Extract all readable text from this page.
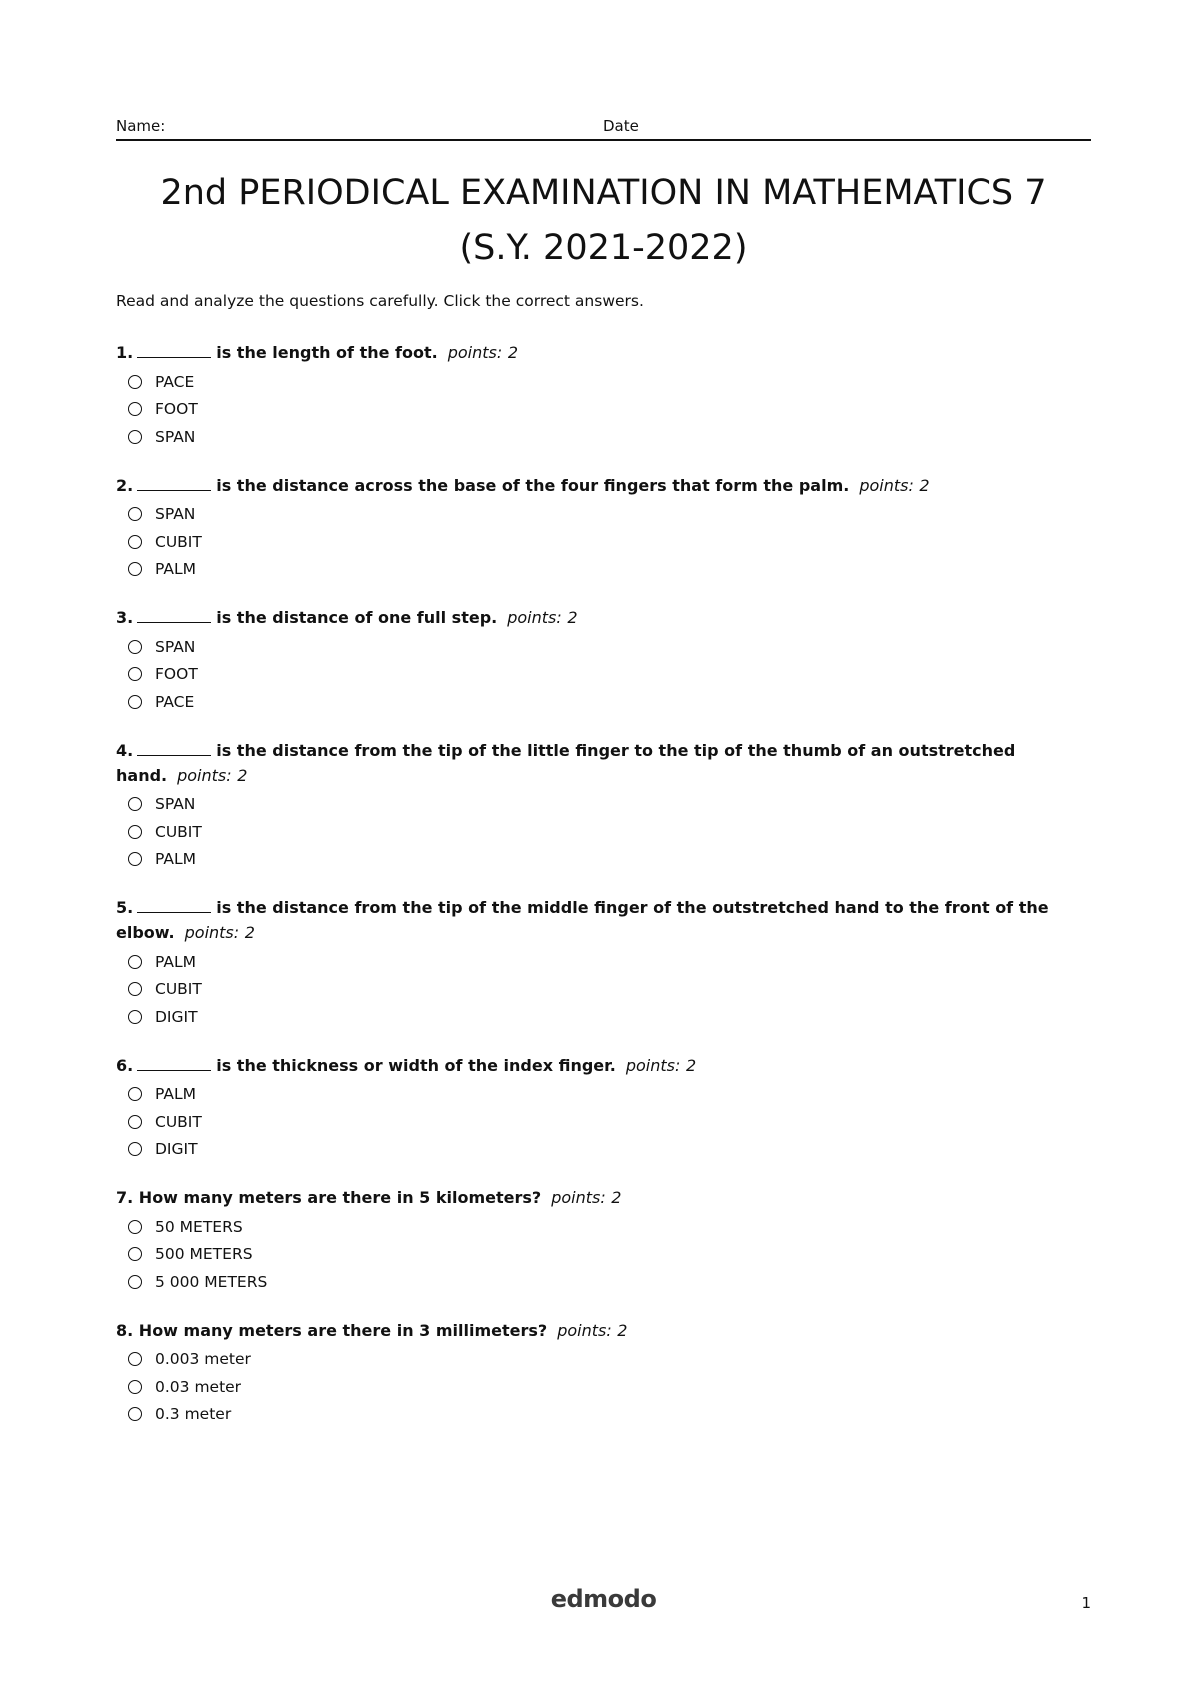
Name:	Date
2nd PERIODICAL EXAMINATION IN MATHEMATICS 7
(S.Y. 2021-2022)
Read and analyze the questions carefully. Click the correct answers.

1.	is the length of the foot. points: 2

PACE
FOOT
SPAN

2.	is the distance across the base of the four fingers that form the palm. points: 2

SPAN
CUBIT
PALM

3.	is the distance of one full step. points: 2

SPAN
FOOT
PACE

4.	is the distance from the tip of the little finger to the tip of the thumb of an outstretched hand. points: 2

SPAN
CUBIT
PALM

5.	is the distance from the tip of the middle finger of the outstretched hand to the front of the elbow. points: 2

PALM
CUBIT
DIGIT

6.	is the thickness or width of the index finger. points: 2

PALM
CUBIT
DIGIT

7. How many meters are there in 5 kilometers? points: 2

50 METERS
500 METERS
5 000 METERS

8. How many meters are there in 3 millimeters? points: 2

0.003 meter
0.03 meter
0.3 meter
edmodo	1
